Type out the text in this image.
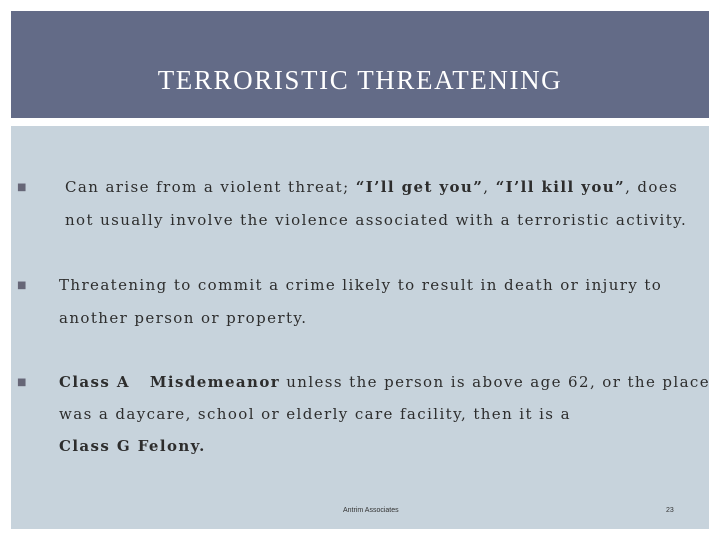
TERRORISTIC THREATENING
■	Can arise from a violent threat; “I’ll get you”, “I’ll kill you”, does
not usually involve the violence associated with a terroristic activity.
■ Threatening to commit a crime likely to result in death or injury to
another person or property.
■ Class A Misdemeanor unless the person is above age 62, or the place
was a daycare, school or elderly care facility, then it is a
Class G Felony.
Antrim Associates	23
